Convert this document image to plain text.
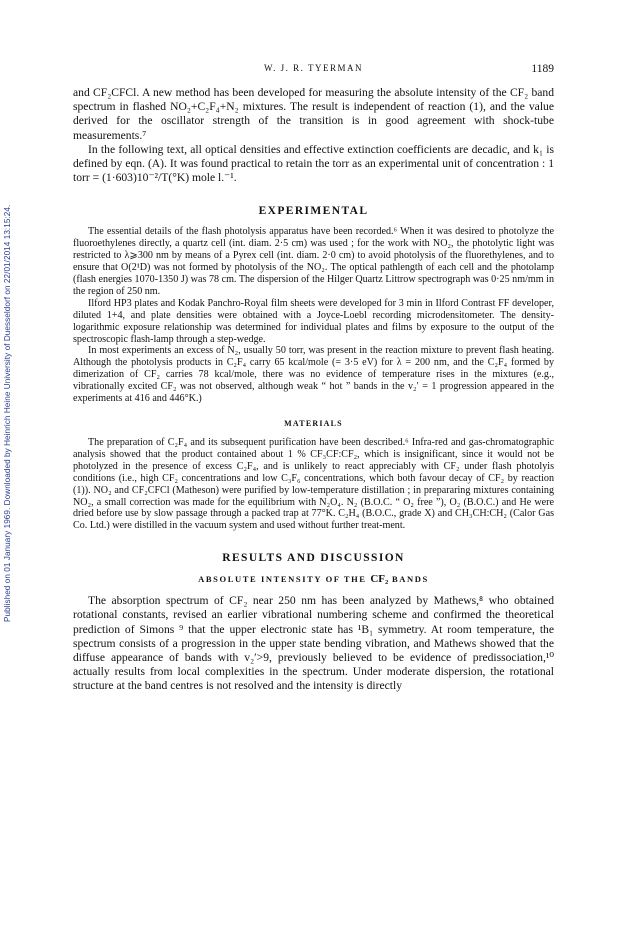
Published on 01 January 1969. Downloaded by Heinrich Heine University of Duesseldorf on 22/01/2014 13:15:24.
W. J. R. TYERMAN	1189

and CF₂CFCl. A new method has been developed for measuring the absolute intensity of the CF₂ band spectrum in flashed NO₂+C₂F₄+N₂ mixtures. The result is independent of reaction (1), and the value derived for the oscillator strength of the transition is in good agreement with shock-tube measurements.⁷

In the following text, all optical densities and effective extinction coefficients are decadic, and k₁ is defined by eqn. (A). It was found practical to retain the torr as an experimental unit of concentration : 1 torr = (1·603)10⁻²/T(°K) mole l.⁻¹.

EXPERIMENTAL

The essential details of the flash photolysis apparatus have been recorded.⁶ When it was desired to photolyze the fluoroethylenes directly, a quartz cell (int. diam. 2·5 cm) was used ; for the work with NO₂, the photolytic light was restricted to λ⩾300 nm by means of a Pyrex cell (int. diam. 2·0 cm) to avoid photolysis of the fluorethylenes, and to ensure that O(2¹D) was not formed by photolysis of the NO₂. The optical pathlength of each cell and the photolamp (flash energies 1070-1350 J) was 78 cm. The dispersion of the Hilger Quartz Littrow spectrograph was 0·25 nm/mm in the region of 250 nm.

Ilford HP3 plates and Kodak Panchro-Royal film sheets were developed for 3 min in Ilford Contrast FF developer, diluted 1+4, and plate densities were obtained with a Joyce-Loebl recording microdensitometer. The density-logarithmic exposure relationship was determined for individual plates and films by exposure to the output of the spectroscopic flash-lamp through a step-wedge.

In most experiments an excess of N₂, usually 50 torr, was present in the reaction mixture to prevent flash heating. Although the photolysis products in C₂F₄ carry 65 kcal/mole (= 3·5 eV) for λ = 200 nm, and the C₂F₄ formed by dimerization of CF₂ carries 78 kcal/mole, there was no evidence of temperature rises in the mixtures (e.g., vibrationally excited CF₂ was not observed, although weak “ hot ” bands in the v₂′ = 1 progression appeared in the experiments at 416 and 446°K.)

MATERIALS

The preparation of C₂F₄ and its subsequent purification have been described.⁶ Infra-red and gas-chromatographic analysis showed that the product contained about 1 % CF₃CF:CF₂, which is insignificant, since it would not be photolyzed in the presence of excess C₂F₄, and is unlikely to react appreciably with CF₂ under flash photolyis conditions (i.e., high CF₂ concentrations and low C₃F₆ concentrations, which both favour decay of CF₂ by reaction (1)). NO₂ and CF₂CFCl (Matheson) were purified by low-temperature distillation ; in prepararing mixtures containing NO₂, a small correction was made for the equilibrium with N₂O₄. N₂ (B.O.C. “ O₂ free ”), O₂ (B.O.C.) and He were dried before use by slow passage through a packed trap at 77°K. C₂H₄ (B.O.C., grade X) and CH₃CH:CH₂ (Calor Gas Co. Ltd.) were distilled in the vacuum system and used without further treat-ment.

RESULTS AND DISCUSSION
ABSOLUTE INTENSITY OF THE CF₂ BANDS

The absorption spectrum of CF₂ near 250 nm has been analyzed by Mathews,⁸ who obtained rotational constants, revised an earlier vibrational numbering scheme and confirmed the theoretical prediction of Simons ⁹ that the upper electronic state has ¹B₁ symmetry. At room temperature, the spectrum consists of a progression in the upper state bending vibration, and Mathews showed that the diffuse appearance of bands with v₂′>9, previously believed to be evidence of predissociation,¹⁰ actually results from local complexities in the spectrum. Under moderate dispersion, the rotational structure at the band centres is not resolved and the intensity is directly
